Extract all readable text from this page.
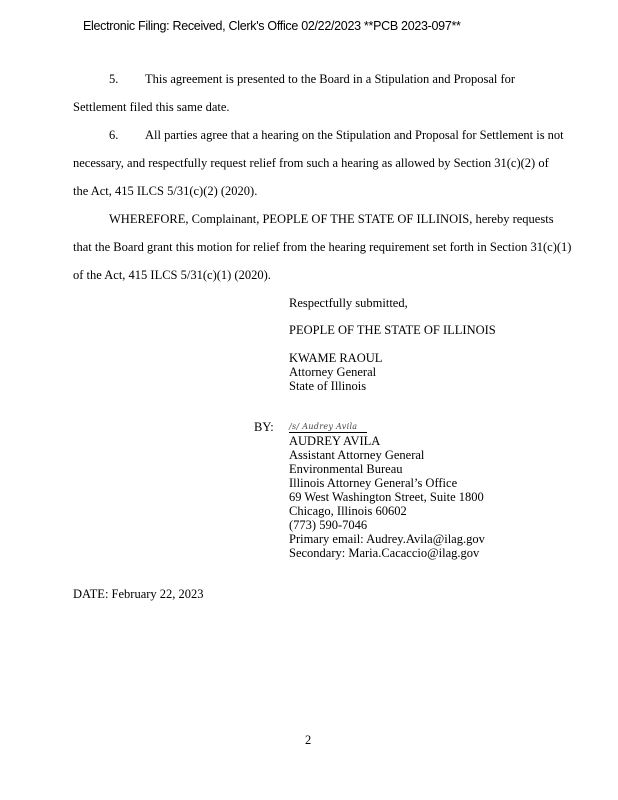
Electronic Filing: Received, Clerk's Office 02/22/2023 **PCB 2023-097**
5. This agreement is presented to the Board in a Stipulation and Proposal for
Settlement filed this same date.
6. All parties agree that a hearing on the Stipulation and Proposal for Settlement is not
necessary, and respectfully request relief from such a hearing as allowed by Section 31(c)(2) of
the Act, 415 ILCS 5/31(c)(2) (2020).
WHEREFORE, Complainant, PEOPLE OF THE STATE OF ILLINOIS, hereby requests
that the Board grant this motion for relief from the hearing requirement set forth in Section 31(c)(1)
of the Act, 415 ILCS 5/31(c)(1) (2020).
Respectfully submitted,
PEOPLE OF THE STATE OF ILLINOIS
KWAME RAOUL
Attorney General
State of Illinois
BY: /s/ Audrey Avila
AUDREY AVILA
Assistant Attorney General
Environmental Bureau
Illinois Attorney General’s Office
69 West Washington Street, Suite 1800
Chicago, Illinois 60602
(773) 590-7046
Primary email: Audrey.Avila@ilag.gov
Secondary: Maria.Cacaccio@ilag.gov
DATE: February 22, 2023
2
